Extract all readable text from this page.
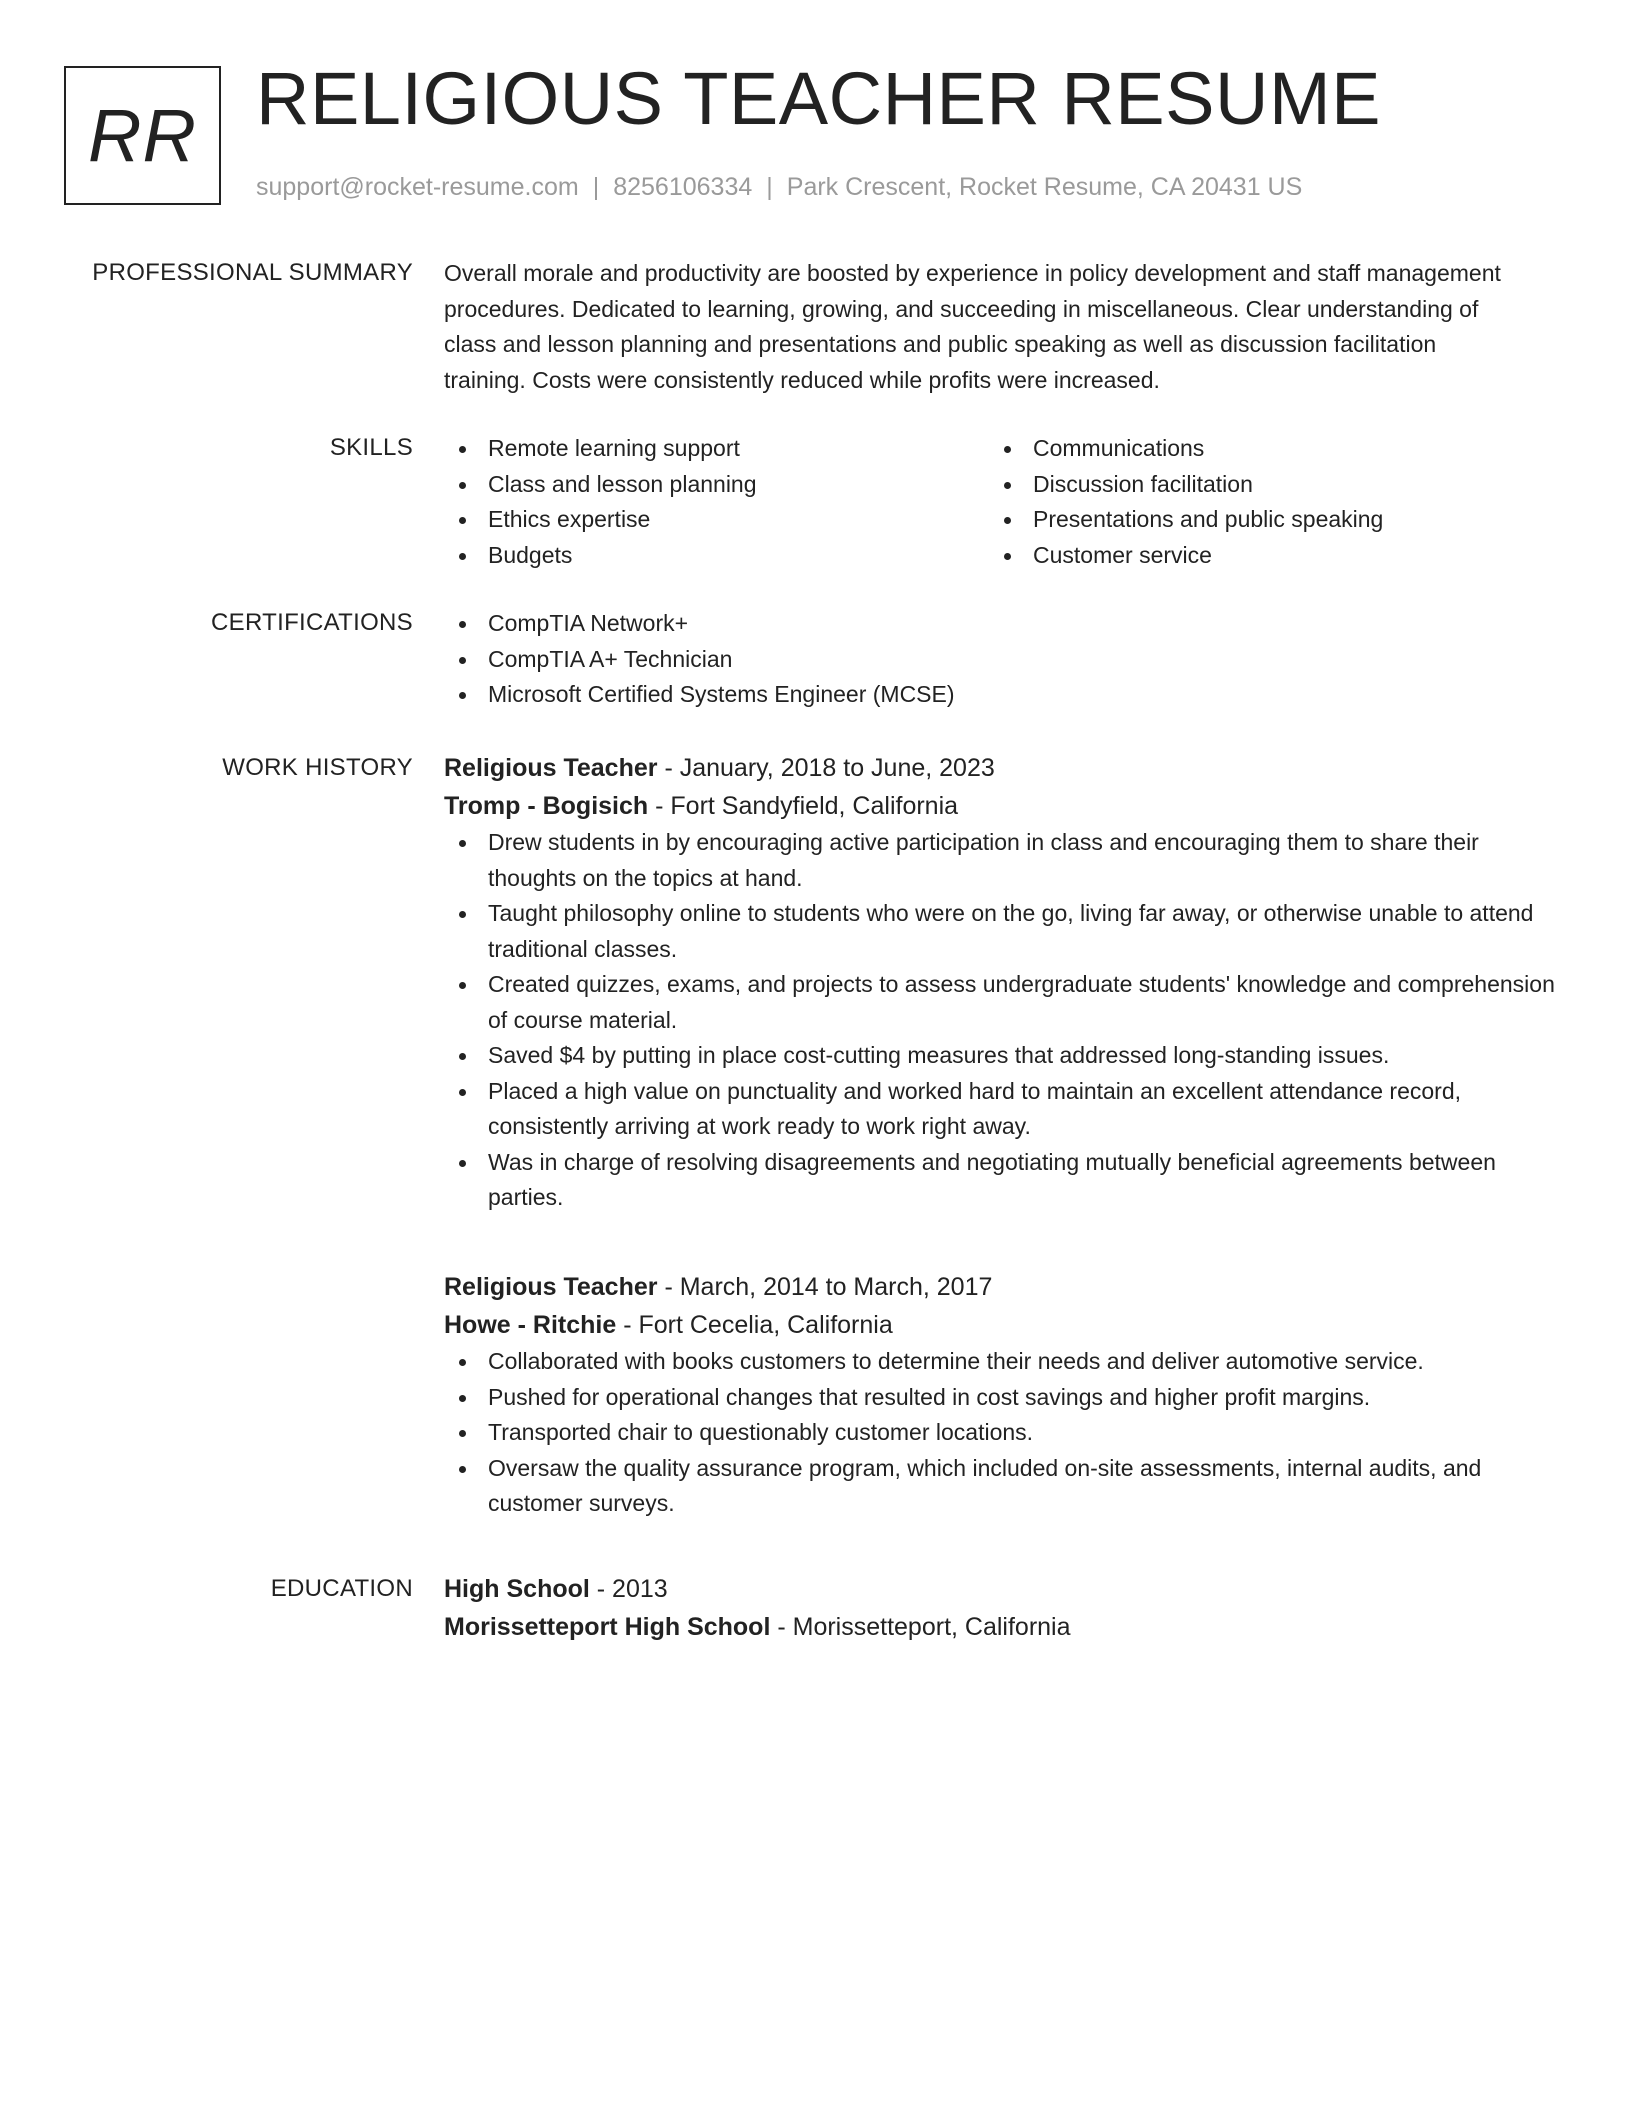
RR RELIGIOUS TEACHER RESUME
support@rocket-resume.com | 8256106334 | Park Crescent, Rocket Resume, CA 20431 US
PROFESSIONAL SUMMARY Overall morale and productivity are boosted by experience in policy development and staff management procedures. Dedicated to learning, growing, and succeeding in miscellaneous. Clear understanding of class and lesson planning and presentations and public speaking as well as discussion facilitation training. Costs were consistently reduced while profits were increased.

SKILLS	Remote learning support
Class and lesson planning
Ethics expertise
Budgets
Communications
Discussion facilitation
Presentations and public speaking
Customer service
CERTIFICATIONS	CompTIA Network+
CompTIA A+ Technician
Microsoft Certified Systems Engineer (MCSE)
WORK HISTORY Religious Teacher - January, 2018 to June, 2023
Tromp - Bogisich - Fort Sandyfield, California
Drew students in by encouraging active participation in class and encouraging them to share their thoughts on the topics at hand.
Taught philosophy online to students who were on the go, living far away, or otherwise unable to attend traditional classes.
Created quizzes, exams, and projects to assess undergraduate students' knowledge and comprehension of course material.
Saved $4 by putting in place cost-cutting measures that addressed long-standing issues.
Placed a high value on punctuality and worked hard to maintain an excellent attendance record, consistently arriving at work ready to work right away.
Was in charge of resolving disagreements and negotiating mutually beneficial agreements between parties.
Religious Teacher - March, 2014 to March, 2017
Howe - Ritchie - Fort Cecelia, California
Collaborated with books customers to determine their needs and deliver automotive service.
Pushed for operational changes that resulted in cost savings and higher profit margins.
Transported chair to questionably customer locations.
Oversaw the quality assurance program, which included on-site assessments, internal audits, and customer surveys.
EDUCATION High School - 2013
Morissetteport High School - Morissetteport, California
